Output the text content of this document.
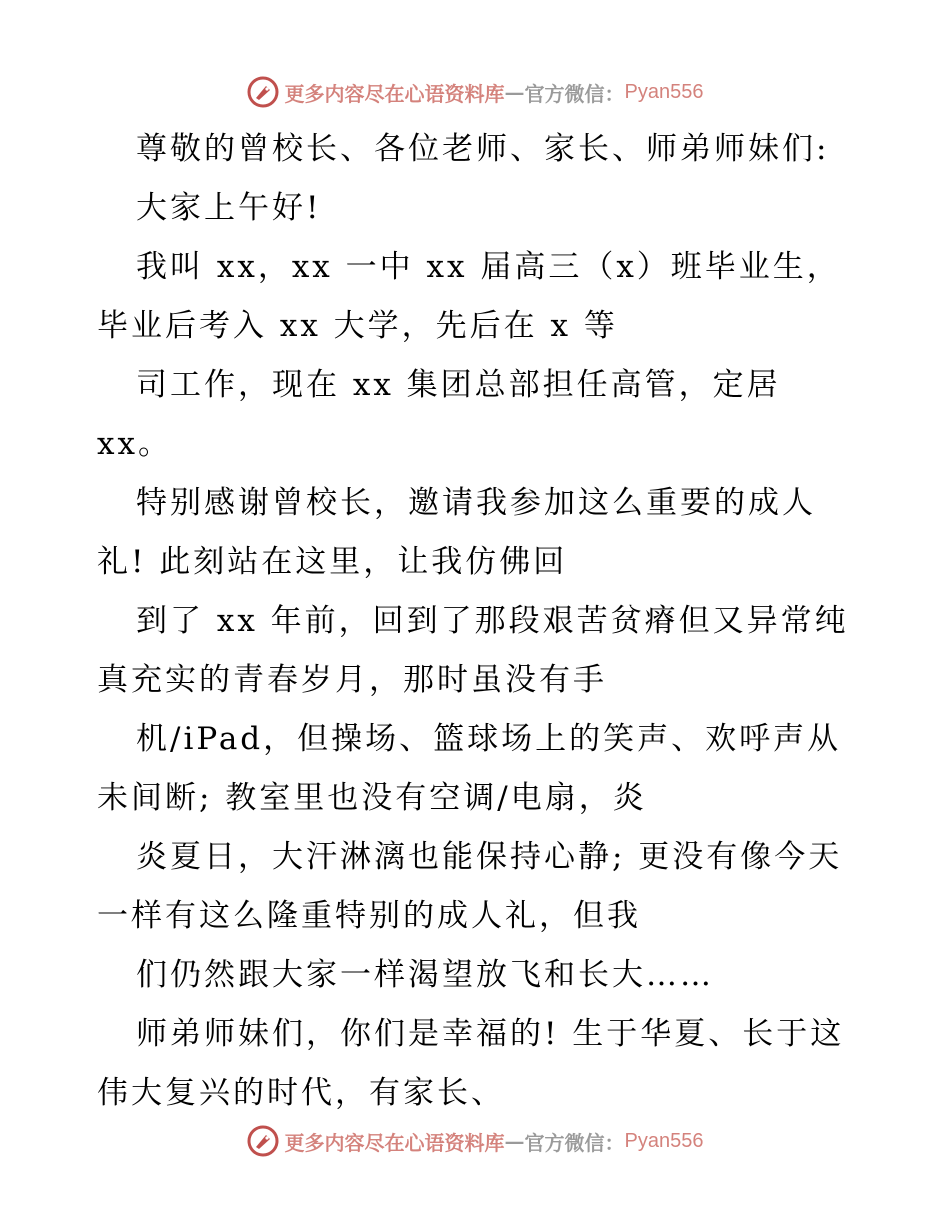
更多内容尽在心语资料库 — 官方微信： Pyan556
尊敬的曾校长、各位老师、家长、师弟师妹们:
大家上午好!
我叫 xx，xx 一中 xx 届高三（x）班毕业生，
毕业后考入 xx 大学，先后在 x 等
司工作，现在 xx 集团总部担任高管，定居
xx。
特别感谢曾校长，邀请我参加这么重要的成人
礼! 此刻站在这里，让我仿佛回
到了 xx 年前，回到了那段艰苦贫瘠但又异常纯
真充实的青春岁月，那时虽没有手
机/iPad，但操场、篮球场上的笑声、欢呼声从
未间断; 教室里也没有空调/电扇，炎
炎夏日，大汗淋漓也能保持心静; 更没有像今天
一样有这么隆重特别的成人礼，但我
们仍然跟大家一样渴望放飞和长大……
师弟师妹们，你们是幸福的! 生于华夏、长于这
伟大复兴的时代，有家长、
更多内容尽在心语资料库 — 官方微信： Pyan556
